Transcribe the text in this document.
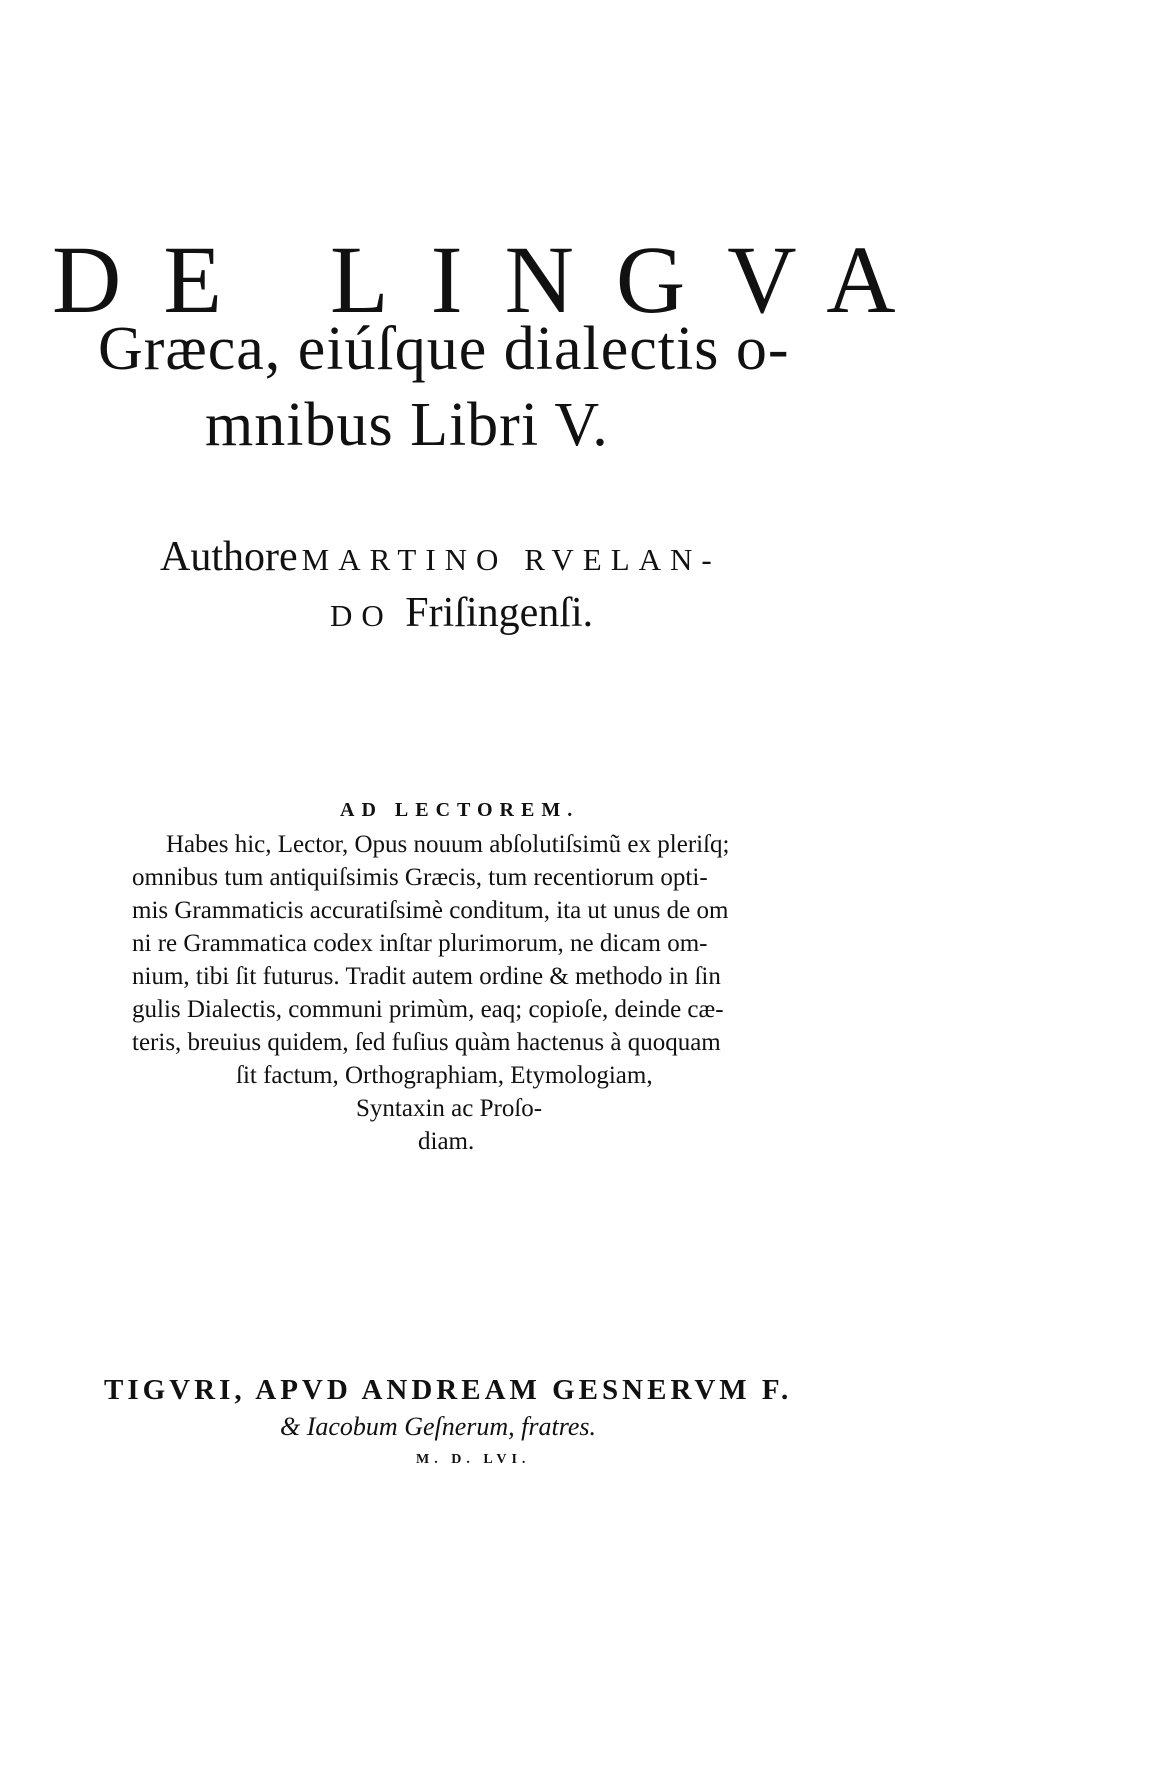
DE LINGVA
Græca, eiúſque dialectis o-
mnibus Libri V.
Authore MARTINO RVELAN-
DO Friſingenſi.
AD LECTOREM.
Habes hic, Lector, Opus nouum abſolutiſsimũ ex pleriſq;
omnibus tum antiquiſsimis Græcis, tum recentiorum opti-
mis Grammaticis accuratiſsimè conditum, ita ut unus de om
ni re Grammatica codex inſtar plurimorum, ne dicam om-
nium, tibi ſit futurus. Tradit autem ordine & methodo in ſin
gulis Dialectis, communi primùm, eaq; copioſe, deinde cæ-
teris, breuius quidem, ſed fuſius quàm hactenus à quoquam
ſit factum, Orthographiam, Etymologiam,
Syntaxin ac Proſo-
diam.
TIGVRI, APVD ANDREAM GESNERVM F.
& Iacobum Geſnerum, fratres.
M. D. LVI.
